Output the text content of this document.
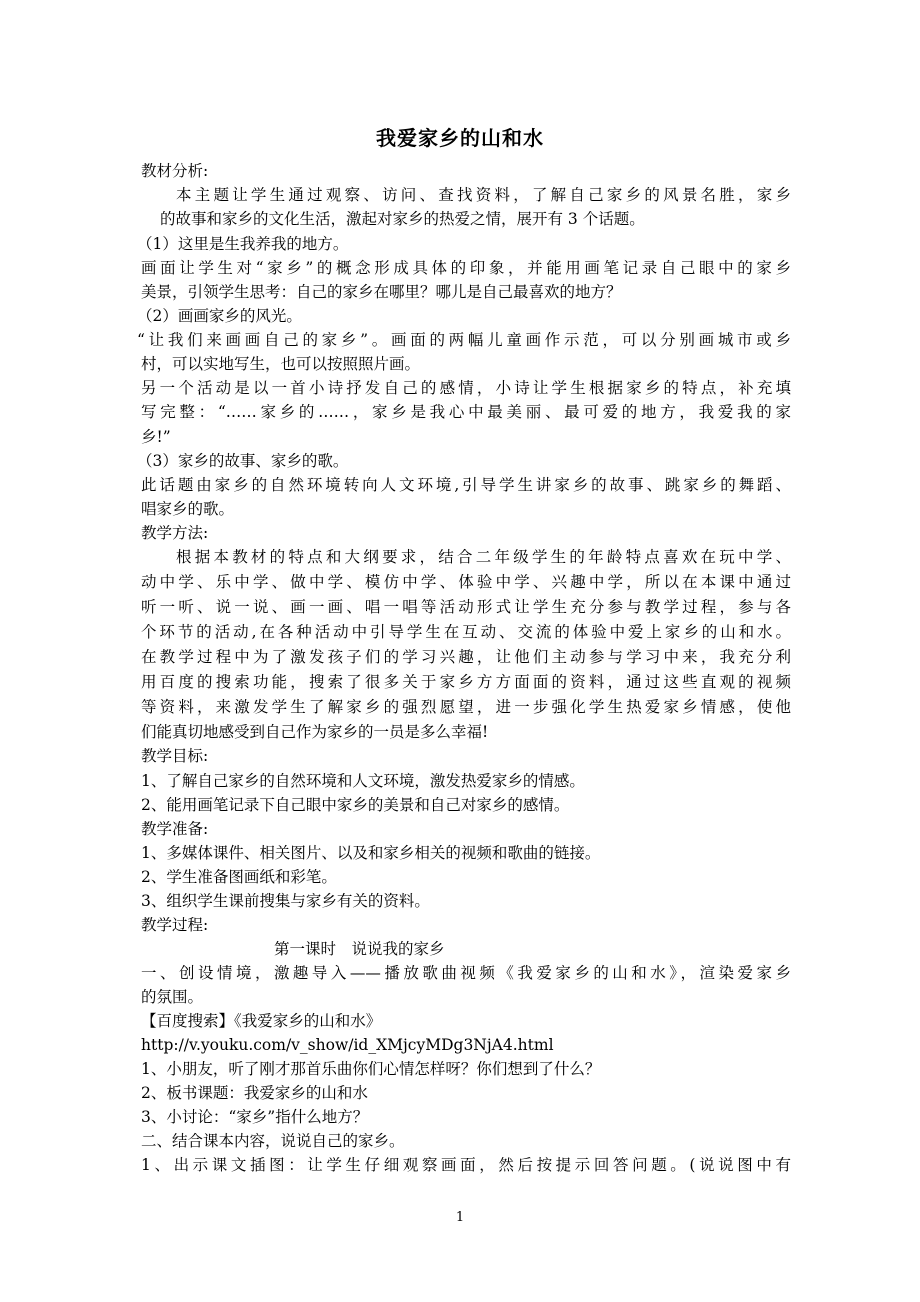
我爱家乡的山和水
教材分析:
本主题让学生通过观察、访问、查找资料，了解自己家乡的风景名胜，家乡
的故事和家乡的文化生活，激起对家乡的热爱之情，展开有 3 个话题。
（1）这里是生我养我的地方。
画面让学生对“家乡”的概念形成具体的印象，并能用画笔记录自己眼中的家乡
美景，引领学生思考：自己的家乡在哪里？哪儿是自己最喜欢的地方？
（2）画画家乡的风光。
“让我们来画画自己的家乡”。画面的两幅儿童画作示范，可以分别画城市或乡
村，可以实地写生，也可以按照照片画。
另一个活动是以一首小诗抒发自己的感情，小诗让学生根据家乡的特点，补充填
写完整：“……家乡的……，家乡是我心中最美丽、最可爱的地方，我爱我的家
乡!”
（3）家乡的故事、家乡的歌。
此话题由家乡的自然环境转向人文环境,引导学生讲家乡的故事、跳家乡的舞蹈、
唱家乡的歌。
教学方法:
根据本教材的特点和大纲要求，结合二年级学生的年龄特点喜欢在玩中学、
动中学、乐中学、做中学、模仿中学、体验中学、兴趣中学，所以在本课中通过
听一听、说一说、画一画、唱一唱等活动形式让学生充分参与教学过程，参与各
个环节的活动,在各种活动中引导学生在互动、交流的体验中爱上家乡的山和水。
在教学过程中为了激发孩子们的学习兴趣，让他们主动参与学习中来，我充分利
用百度的搜索功能，搜索了很多关于家乡方方面面的资料，通过这些直观的视频
等资料，来激发学生了解家乡的强烈愿望，进一步强化学生热爱家乡情感，使他
们能真切地感受到自己作为家乡的一员是多么幸福!
教学目标:
1、了解自己家乡的自然环境和人文环境，激发热爱家乡的情感。
2、能用画笔记录下自己眼中家乡的美景和自己对家乡的感情。
教学准备:
1、多媒体课件、相关图片、以及和家乡相关的视频和歌曲的链接。
2、学生准备图画纸和彩笔。
3、组织学生课前搜集与家乡有关的资料。
教学过程:
第一课时　说说我的家乡
一、创设情境，激趣导入——播放歌曲视频《我爱家乡的山和水》，渲染爱家乡
的氛围。
【百度搜索】《我爱家乡的山和水》
http://v.youku.com/v_show/id_XMjcyMDg3NjA4.html
1、小朋友，听了刚才那首乐曲你们心情怎样呀？你们想到了什么？
2、板书课题：我爱家乡的山和水
3、小讨论：“家乡”指什么地方？
二、结合课本内容，说说自己的家乡。
1、出示课文插图：让学生仔细观察画面，然后按提示回答问题。(说说图中有
1
